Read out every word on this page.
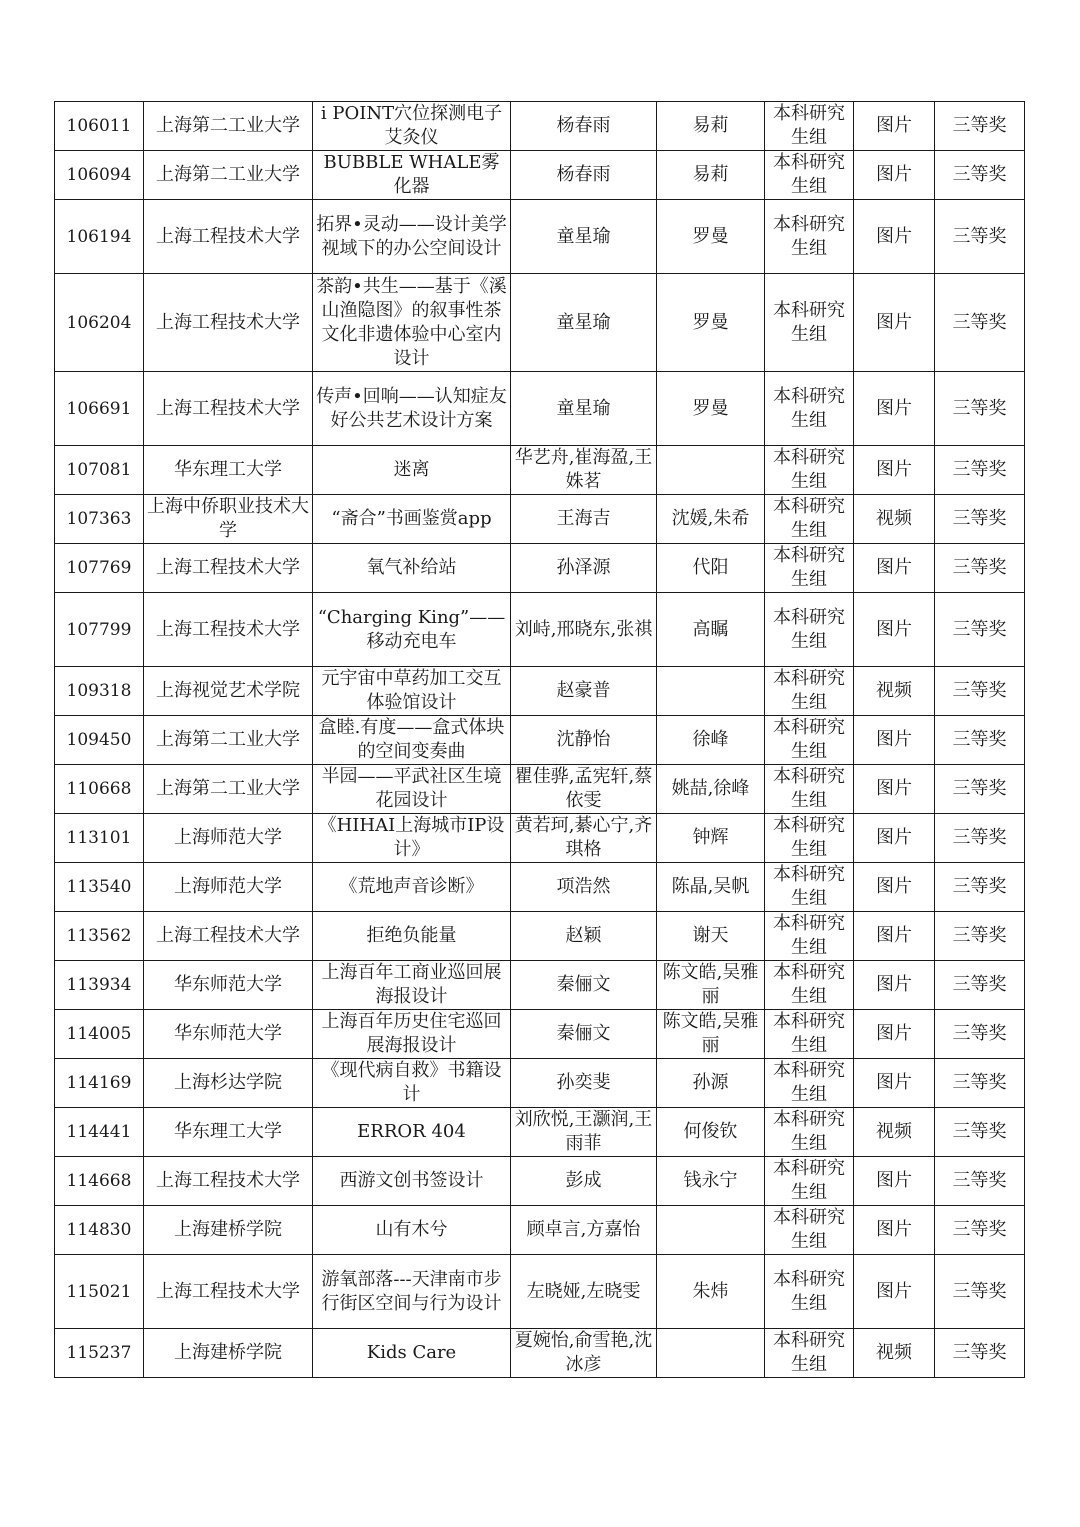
106011	上海第二工业大学	i POINT穴位探测电子艾灸仪	杨春雨	易莉	本科研究生组	图片	三等奖
106094	上海第二工业大学	BUBBLE WHALE雾化器	杨春雨	易莉	本科研究生组	图片	三等奖
106194	上海工程技术大学	拓界•灵动——设计美学视域下的办公空间设计	童星瑜	罗曼	本科研究生组	图片	三等奖
106204	上海工程技术大学	茶韵•共生——基于《溪山渔隐图》的叙事性茶文化非遗体验中心室内设计	童星瑜	罗曼	本科研究生组	图片	三等奖
106691	上海工程技术大学	传声•回响——认知症友好公共艺术设计方案	童星瑜	罗曼	本科研究生组	图片	三等奖
107081	华东理工大学	迷离	华艺舟,崔海盈,王姝茗		本科研究生组	图片	三等奖
107363	上海中侨职业技术大学	“斋合”书画鉴赏app	王海吉	沈媛,朱希	本科研究生组	视频	三等奖
107769	上海工程技术大学	氧气补给站	孙泽源	代阳	本科研究生组	图片	三等奖
107799	上海工程技术大学	“Charging King”—— 移动充电车	刘峙,邢晓东,张祺	高瞩	本科研究生组	图片	三等奖
109318	上海视觉艺术学院	元宇宙中草药加工交互体验馆设计	赵豪普		本科研究生组	视频	三等奖
109450	上海第二工业大学	盒睦.有度——盒式体块的空间变奏曲	沈静怡	徐峰	本科研究生组	图片	三等奖
110668	上海第二工业大学	半园——平武社区生境花园设计	瞿佳骅,孟宪轩,蔡依雯	姚喆,徐峰	本科研究生组	图片	三等奖
113101	上海师范大学	《HIHAI上海城市IP设计》	黄若珂,綦心宁,齐琪格	钟辉	本科研究生组	图片	三等奖
113540	上海师范大学	《荒地声音诊断》	项浩然	陈晶,吴帆	本科研究生组	图片	三等奖
113562	上海工程技术大学	拒绝负能量	赵颖	谢天	本科研究生组	图片	三等奖
113934	华东师范大学	上海百年工商业巡回展海报设计	秦俪文	陈文皓,吴雅丽	本科研究生组	图片	三等奖
114005	华东师范大学	上海百年历史住宅巡回展海报设计	秦俪文	陈文皓,吴雅丽	本科研究生组	图片	三等奖
114169	上海杉达学院	《现代病自救》书籍设计	孙奕斐	孙源	本科研究生组	图片	三等奖
114441	华东理工大学	ERROR 404	刘欣悦,王灏润,王雨菲	何俊钦	本科研究生组	视频	三等奖
114668	上海工程技术大学	西游文创书签设计	彭成	钱永宁	本科研究生组	图片	三等奖
114830	上海建桥学院	山有木兮	顾卓言,方嘉怡		本科研究生组	图片	三等奖
115021	上海工程技术大学	游氧部落---天津南市步行街区空间与行为设计	左晓娅,左晓雯	朱炜	本科研究生组	图片	三等奖
115237	上海建桥学院	Kids Care	夏婉怡,俞雪艳,沈冰彦		本科研究生组	视频	三等奖
